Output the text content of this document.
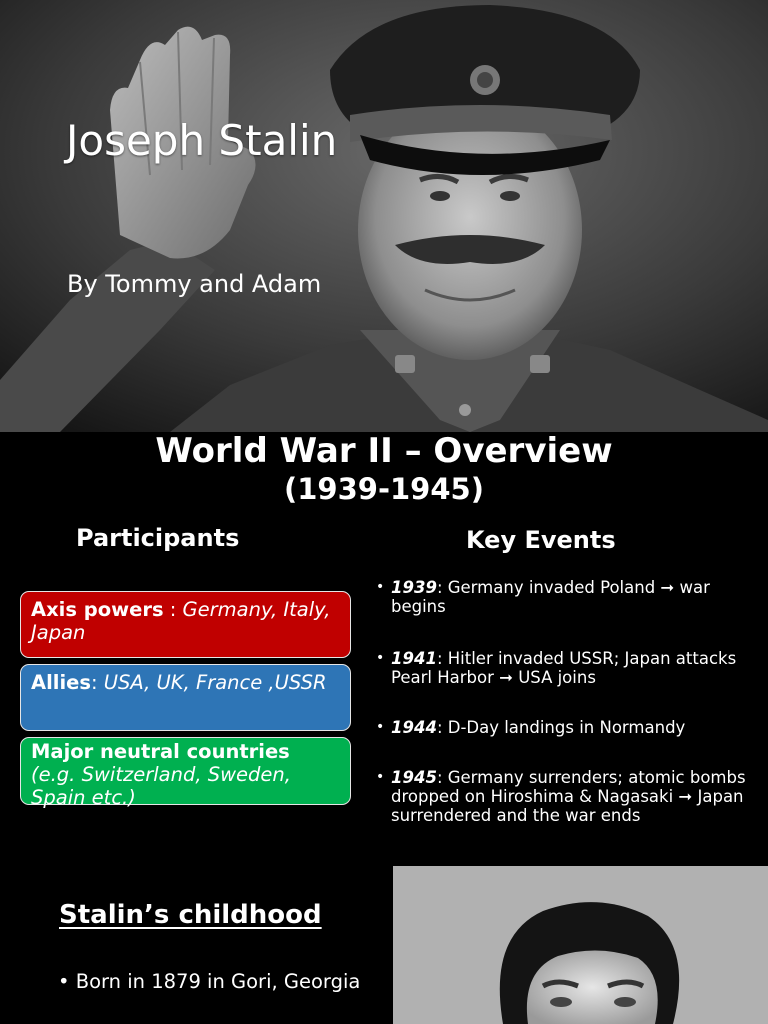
Joseph Stalin
By Tommy and Adam
World War II – Overview
(1939-1945)
Participants	Key Events
Axis powers : Germany, Italy, Japan
Allies: USA, UK, France ,USSR
Major neutral countries
(e.g. Switzerland, Sweden, Spain etc.)
• 1939: Germany invaded Poland ➞ war begins
• 1941: Hitler invaded USSR; Japan attacks Pearl Harbor ➞ USA joins
• 1944: D-Day landings in Normandy
• 1945: Germany surrenders; atomic bombs dropped on Hiroshima & Nagasaki ➞ Japan surrendered and the war ends
Stalin’s childhood
• Born in 1879 in Gori, Georgia
